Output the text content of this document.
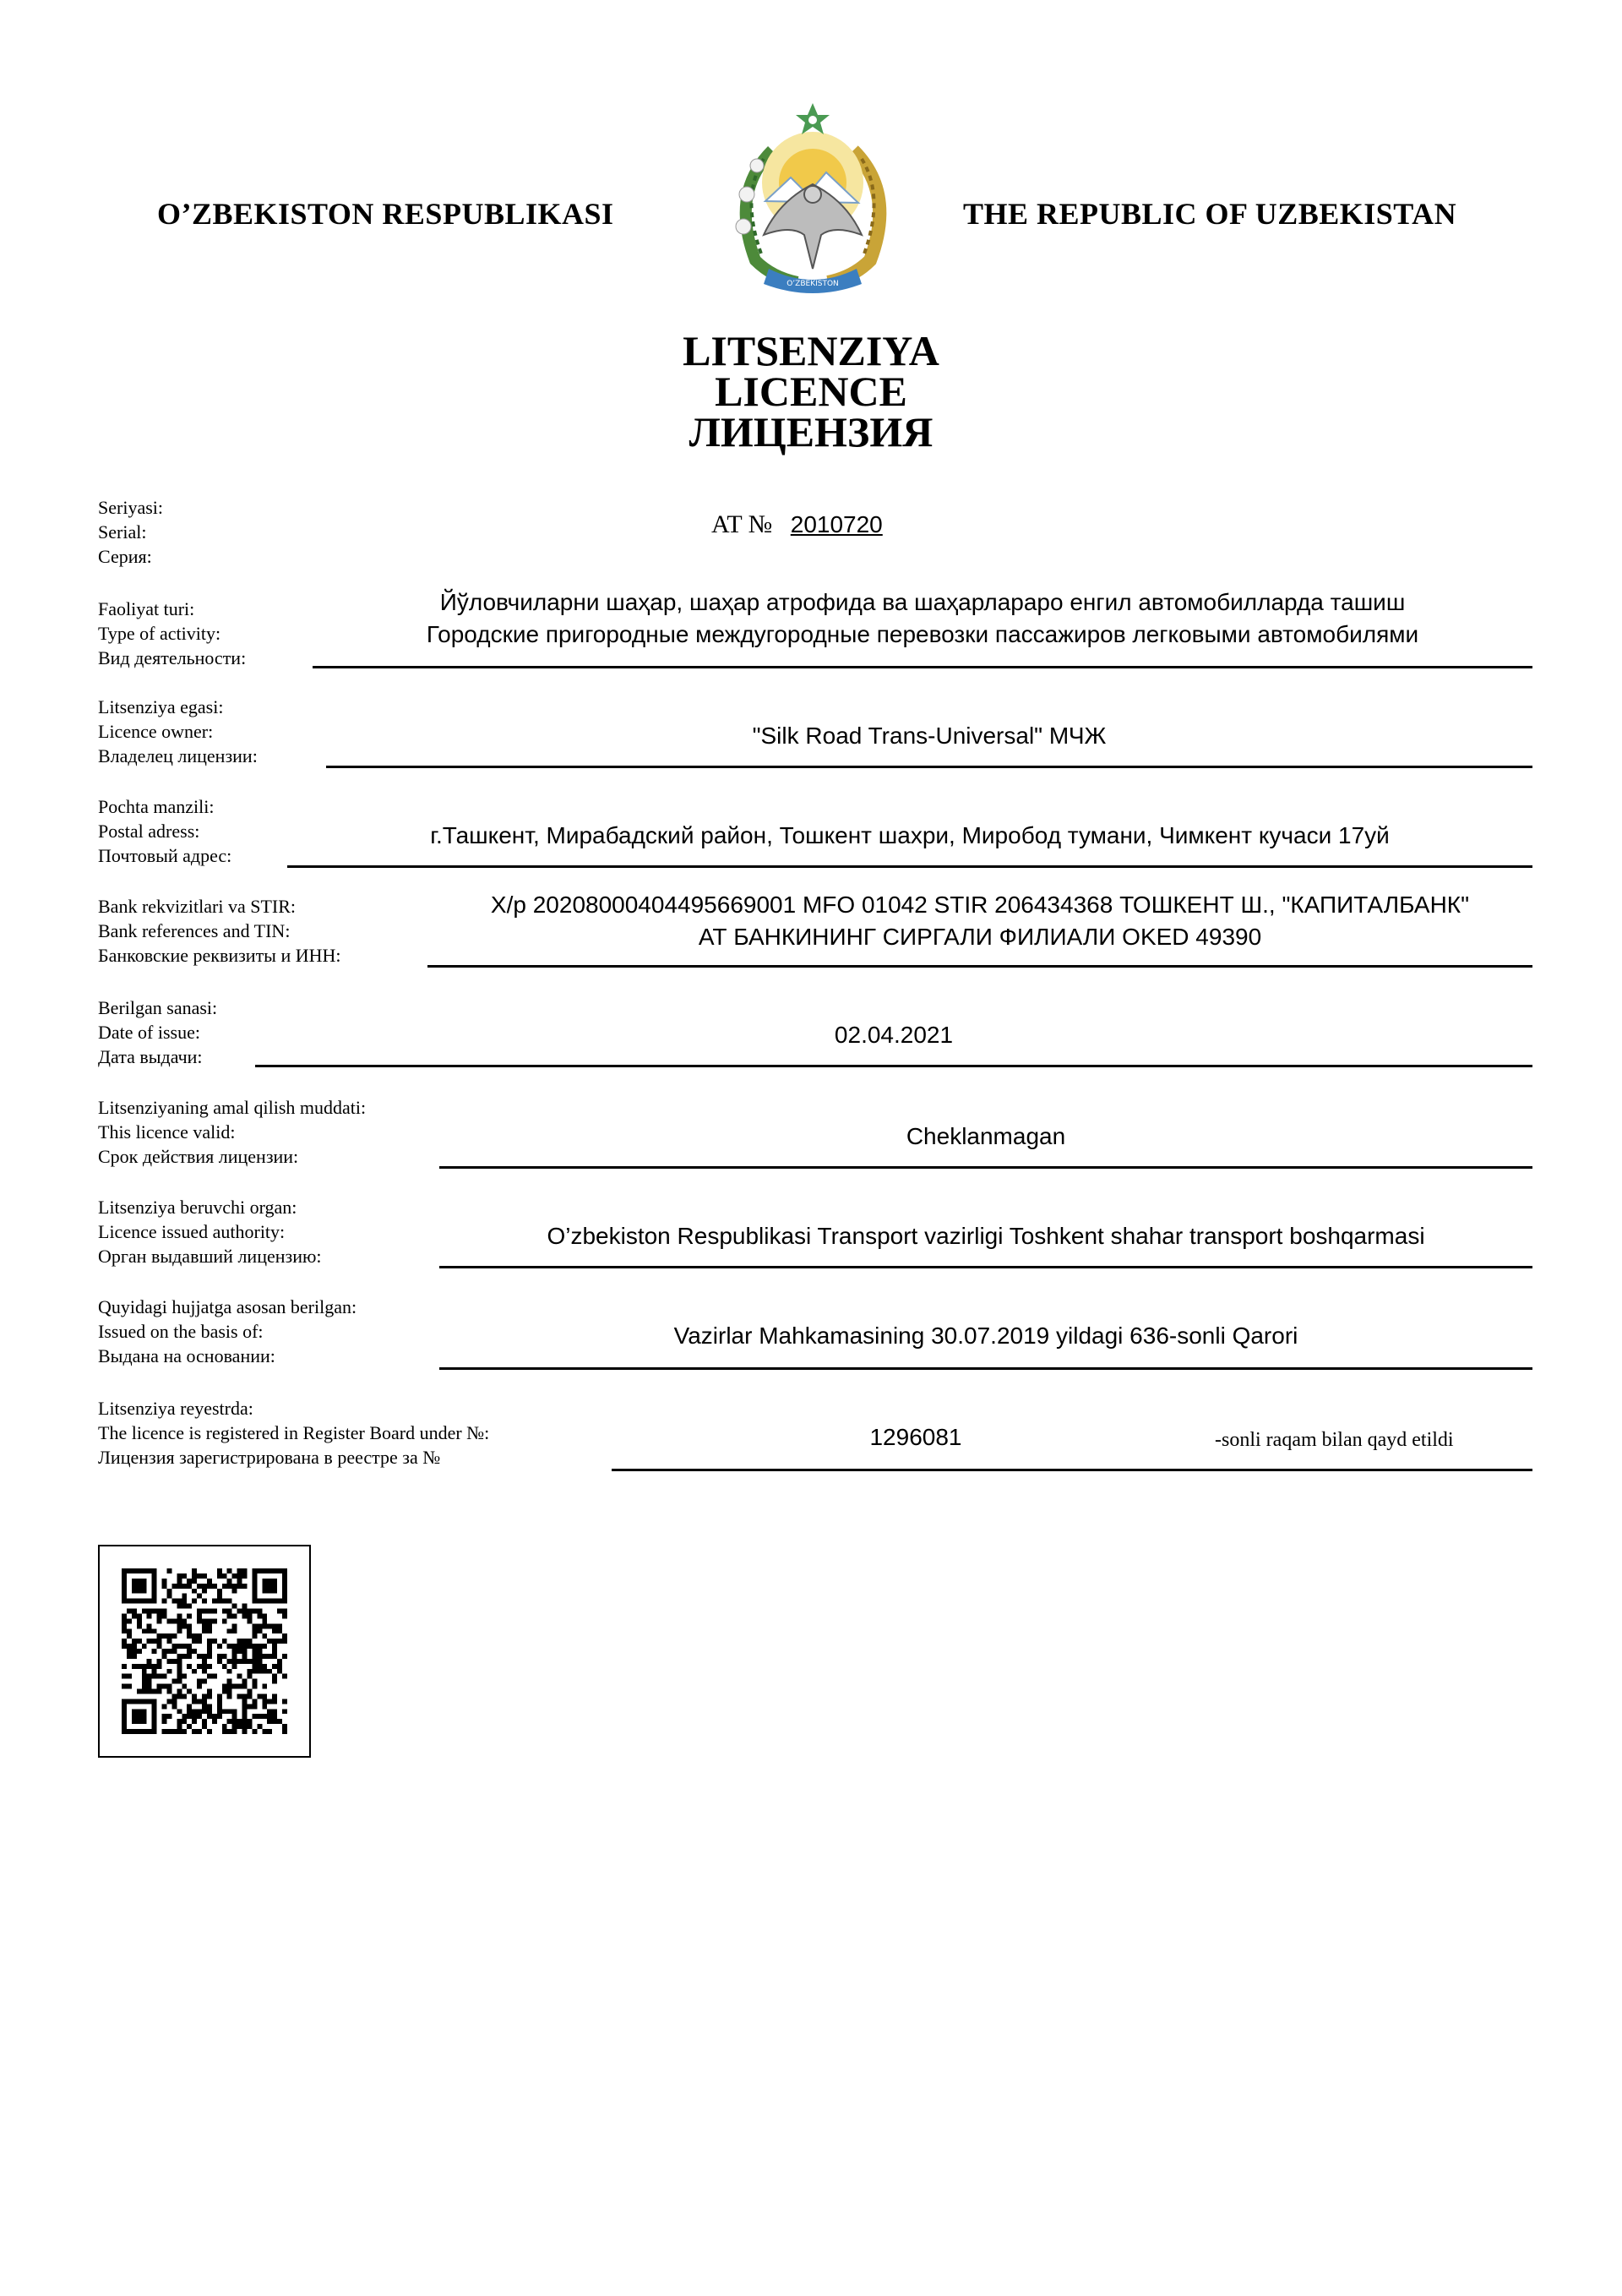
O’ZBEKISTON RESPUBLIKASI	THE REPUBLIC OF UZBEKISTAN
O’ZBEKISTON
LITSENZIYA
LICENCE
ЛИЦЕНЗИЯ
Seriyasi:
Serial:
Серия:
AT № 2010720
Faoliyat turi:
Type of activity:
Вид деятельности:
Йўловчиларни шаҳар, шаҳар атрофида ва шаҳарлараро енгил автомобилларда ташиш
Городские пригородные междугородные перевозки пассажиров легковыми автомобилями
Litsenziya egasi:
Licence owner:
Владелец лицензии:
"Silk Road Trans-Universal" МЧЖ
Pochta manzili:
Postal adress:
Почтовый адрес:
г.Ташкент, Мирабадский район, Тошкент шахри, Миробод тумани, Чимкент кучаси 17уй
Bank rekvizitlari va STIR:
Bank references and TIN:
Банковские реквизиты и ИНН:
Х/р 20208000404495669001 MFO 01042 STIR 206434368 ТОШКЕНТ Ш., "КАПИТАЛБАНК"
АТ БАНКИНИНГ СИРГАЛИ ФИЛИАЛИ OKED 49390
Berilgan sanasi:
Date of issue:
Дата выдачи:
02.04.2021
Litsenziyaning amal qilish muddati:
This licence valid:
Срок действия лицензии:
Cheklanmagan
Litsenziya beruvchi organ:
Licence issued authority:
Орган выдавший лицензию:
O’zbekiston Respublikasi Transport vazirligi Toshkent shahar transport boshqarmasi
Quyidagi hujjatga asosan berilgan:
Issued on the basis of:
Выдана на основании:
Vazirlar Mahkamasining 30.07.2019 yildagi 636-sonli Qarori
Litsenziya reyestrda:
The licence is registered in Register Board under №:
Лицензия зарегистрирована в реестре за №
1296081	-sonli raqam bilan qayd etildi
